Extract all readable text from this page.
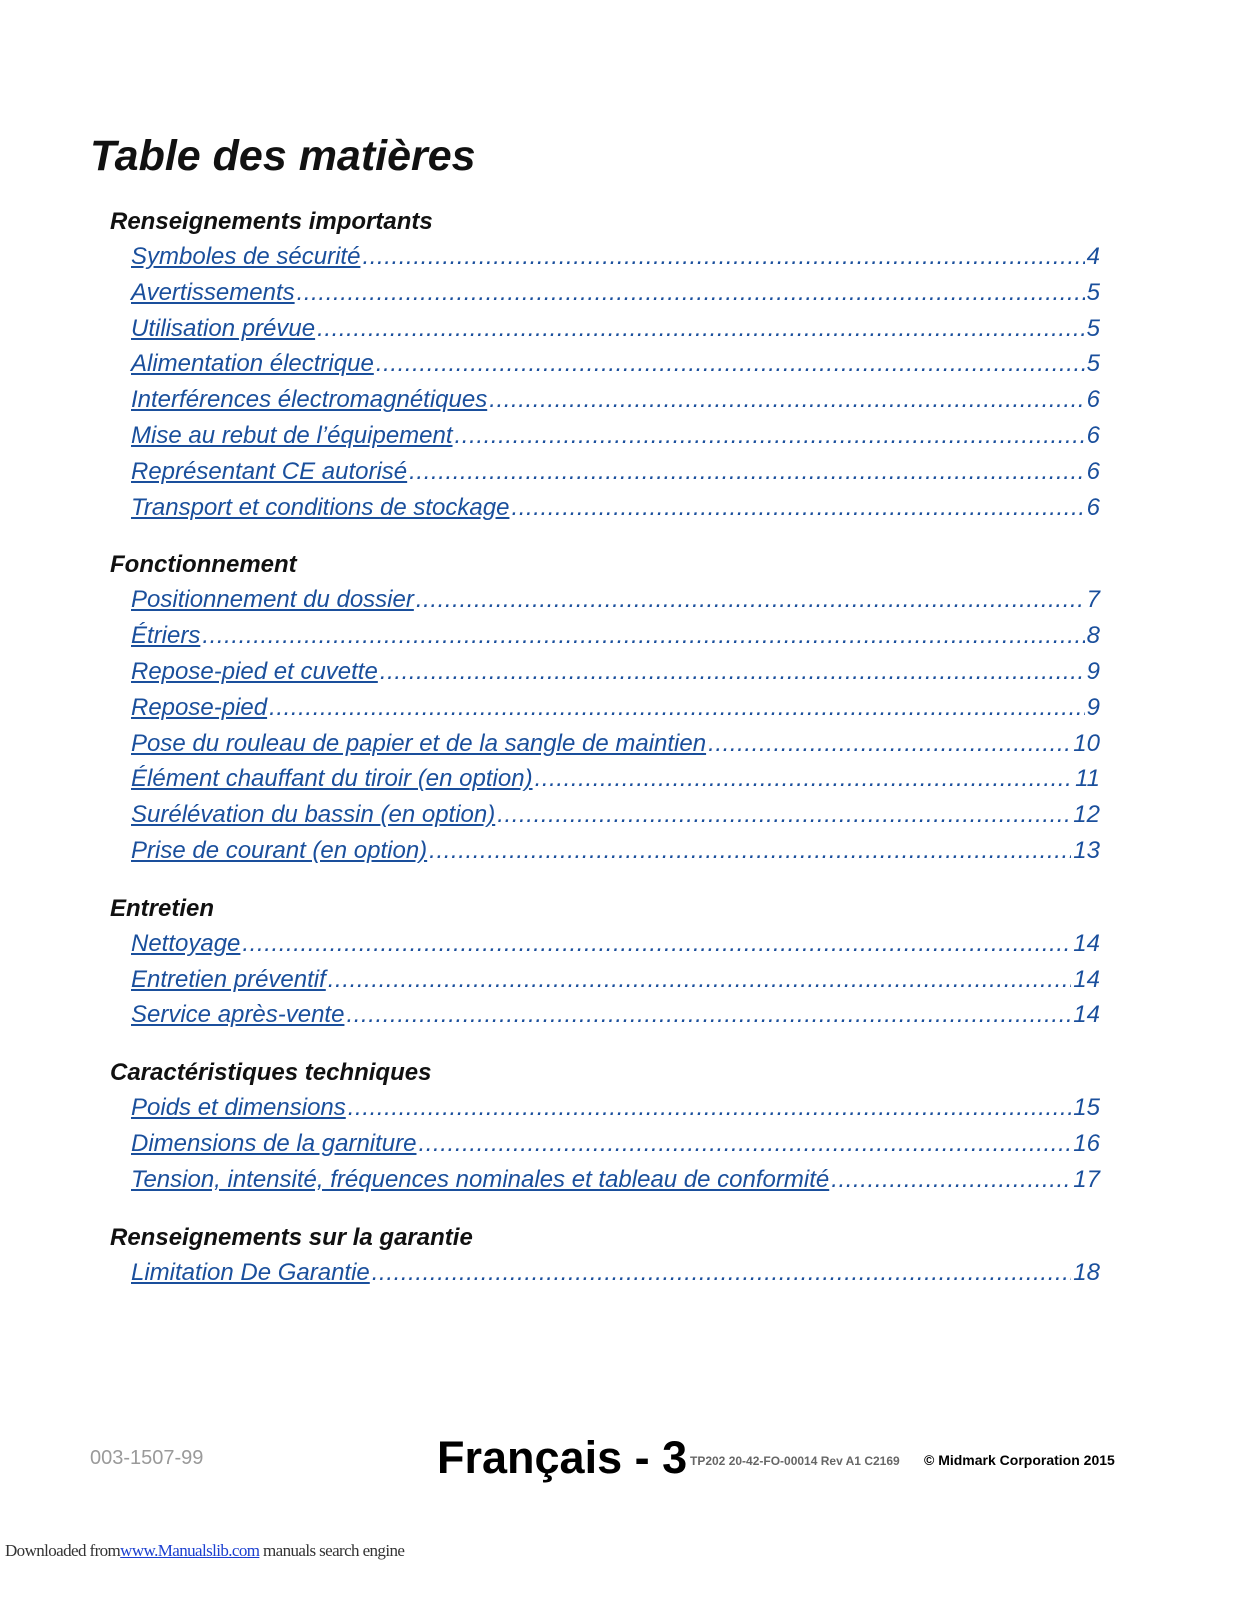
Table des matières
Renseignements importants
Symboles de sécurité .....	4
Avertissements .....	5
Utilisation prévue .....	5
Alimentation électrique .....	5
Interférences électromagnétiques .....	6
Mise au rebut de l’équipement .....	6
Représentant CE autorisé .....	6
Transport et conditions de stockage .....	6
Fonctionnement
Positionnement du dossier .....	7
Étriers .....	8
Repose-pied et cuvette .....	9
Repose-pied .....	9
Pose du rouleau de papier et de la sangle de maintien .....	10
Élément chauffant du tiroir (en option) .....	11
Surélévation du bassin (en option) .....	12
Prise de courant (en option) .....	13
Entretien
Nettoyage .....	14
Entretien préventif .....	14
Service après-vente .....	14
Caractéristiques techniques
Poids et dimensions .....	15
Dimensions de la garniture .....	16
Tension, intensité, fréquences nominales et tableau de conformité .....	17
Renseignements sur la garantie
Limitation De Garantie .....	18
003-1507-99	Français - 3 TP202 20-42-FO-00014 Rev A1 C2169 © Midmark Corporation 2015
Downloaded fromwww.Manualslib.com manuals search engine
